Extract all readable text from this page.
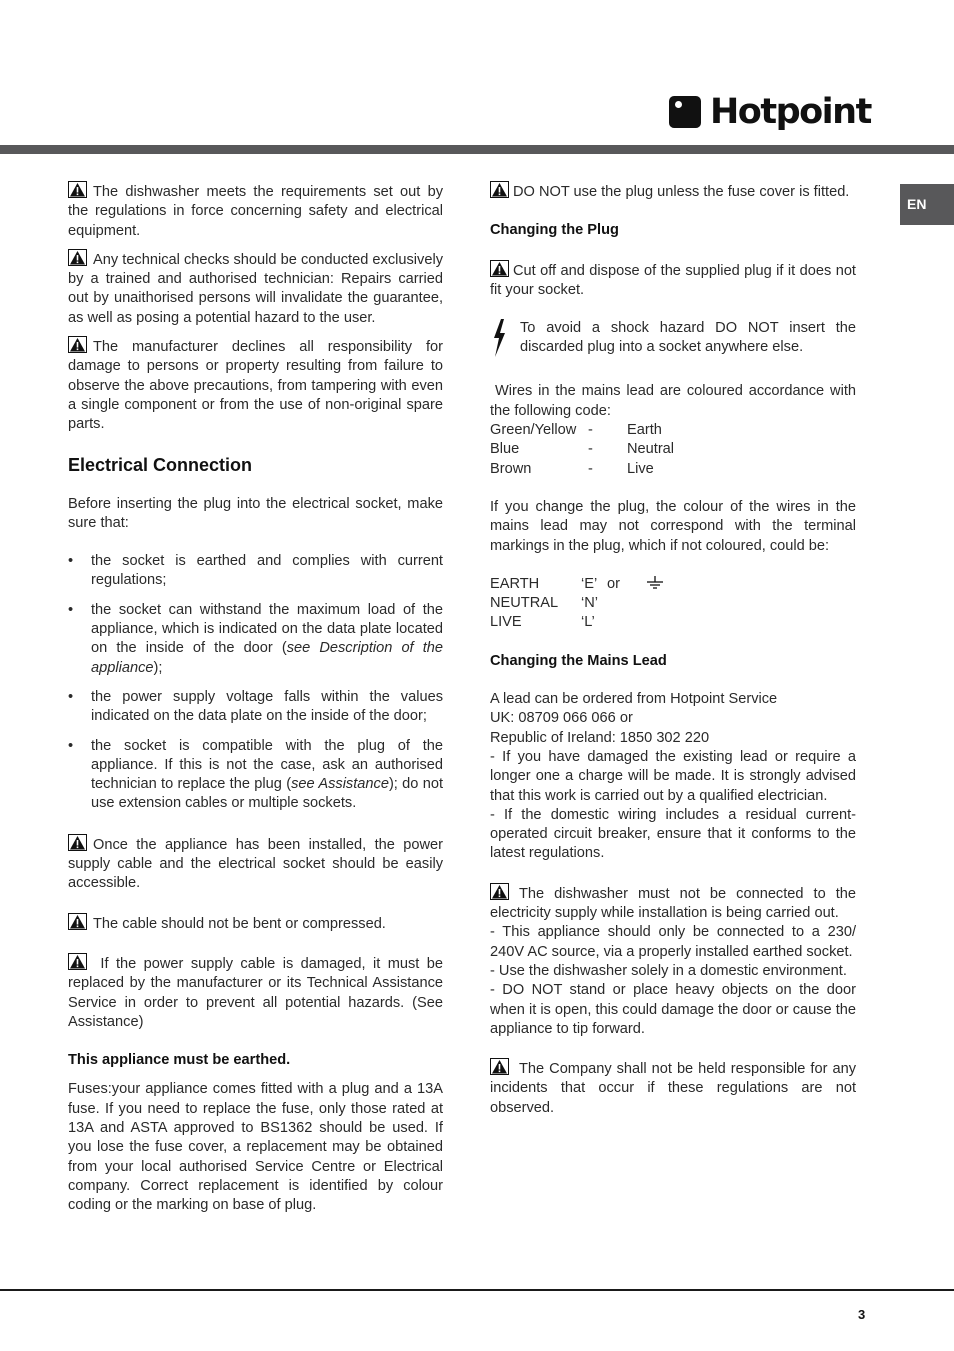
Hotpoint
EN

The dishwasher meets the requirements set out by the regulations in force concerning safety and electrical equipment.

Any technical checks should be conducted exclusively by a trained and authorised technician: Repairs carried out by unaithorised persons will invalidate the guarantee, as well as posing a potential hazard to the user.

The manufacturer declines all responsibility for damage to persons or property resulting from failure to observe the above precautions, from tampering with even a single component or from the use of non-original spare parts.

Electrical Connection

Before inserting the plug into the electrical socket, make sure that:

• the socket is earthed and complies with current regulations;
• the socket can withstand the maximum load of the appliance, which is indicated on the data plate located on the inside of the door (see Description of the appliance);
• the power supply voltage falls within the values indicated on the data plate on the inside of the door;
• the socket is compatible with the plug of the appliance. If this is not the case, ask an authorised technician to replace the plug (see Assistance); do not use extension cables or multiple sockets.

Once the appliance has been installed, the power supply cable and the electrical socket should be easily accessible.

The cable should not be bent or compressed.

If the power supply cable is damaged, it must be replaced by the manufacturer or its Technical Assistance Service in order to prevent all potential hazards. (See Assistance)

This appliance must be earthed.

Fuses:your appliance comes fitted with a plug and a 13A fuse. If you need to replace the fuse, only those rated at 13A and ASTA approved to BS1362 should be used. If you lose the fuse cover, a replacement may be obtained from your local authorised Service Centre or Electrical company. Correct replacement is identified by colour coding or the marking on base of plug.

DO NOT use the plug unless the fuse cover is fitted.

Changing the Plug

Cut off and dispose of the supplied plug if it does not fit your socket.

To avoid a shock hazard DO NOT insert the discarded plug into a socket anywhere else.

Wires in the mains lead are coloured accordance with the following code:

Green/Yellow -	Earth
Blue	-	Neutral
Brown	-	Live

If you change the plug, the colour of the wires in the mains lead may not correspond with the terminal markings in the plug, which if not coloured, could be:

EARTH	‘E’ or
NEUTRAL	‘N’
LIVE	‘L’
Changing the Mains Lead

A lead can be ordered from Hotpoint Service

UK: 08709 066 066 or

Republic of Ireland: 1850 302 220

- If you have damaged the existing lead or require a longer one a charge will be made. It is strongly advised that this work is carried out by a qualified electrician.

- If the domestic wiring includes a residual current-operated circuit breaker, ensure that it conforms to the latest regulations.

The dishwasher must not be connected to the electricity supply while installation is being carried out.

- This appliance should only be connected to a 230/ 240V AC source, via a properly installed earthed socket.

- Use the dishwasher solely in a domestic environment.

- DO NOT stand or place heavy objects on the door when it is open, this could damage the door or cause the appliance to tip forward.

The Company shall not be held responsible for any incidents that occur if these regulations are not observed.

3
